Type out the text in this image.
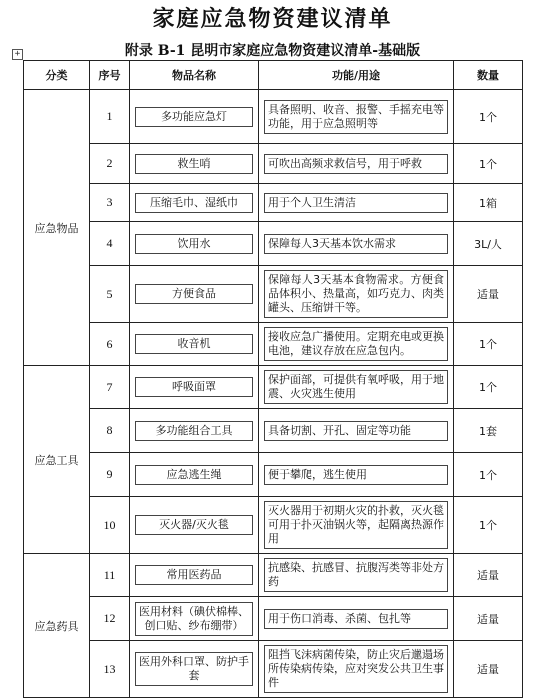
家庭应急物资建议清单
附录 B-1 昆明市家庭应急物资建议清单-基础版
+
分类	序号	物品名称	功能/用途	数量
应急物品	1	多功能应急灯	具备照明、收音、报警、手摇充电等功能，用于应急照明等	1个
	2	救生哨	可吹出高频求救信号，用于呼救	1个
	3	压缩毛巾、湿纸巾	用于个人卫生清洁	1箱
	4	饮用水	保障每人3天基本饮水需求	3L/人
	5	方便食品	保障每人3天基本食物需求。方便食品体积小、热量高，如巧克力、肉类罐头、压缩饼干等。	适量
	6	收音机	接收应急广播使用。定期充电或更换电池，建议存放在应急包内。	1个
应急工具	7	呼吸面罩	保护面部，可提供有氧呼吸，用于地震、火灾逃生使用	1个
	8	多功能组合工具	具备切割、开孔、固定等功能	1套
	9	应急逃生绳	便于攀爬，逃生使用	1个
	10	灭火器/灭火毯	灭火器用于初期火灾的扑救，灭火毯可用于扑灭油锅火等，起隔离热源作用	1个
应急药具	11	常用医药品	抗感染、抗感冒、抗腹泻类等非处方药	适量
	12	医用材料（碘伏棉棒、创口贴、纱布绷带）	用于伤口消毒、杀菌、包扎等	适量
	13	医用外科口罩、防护手套	阻挡飞沫病菌传染，防止灾后邋遢场所传染病传染，应对突发公共卫生事件	适量
